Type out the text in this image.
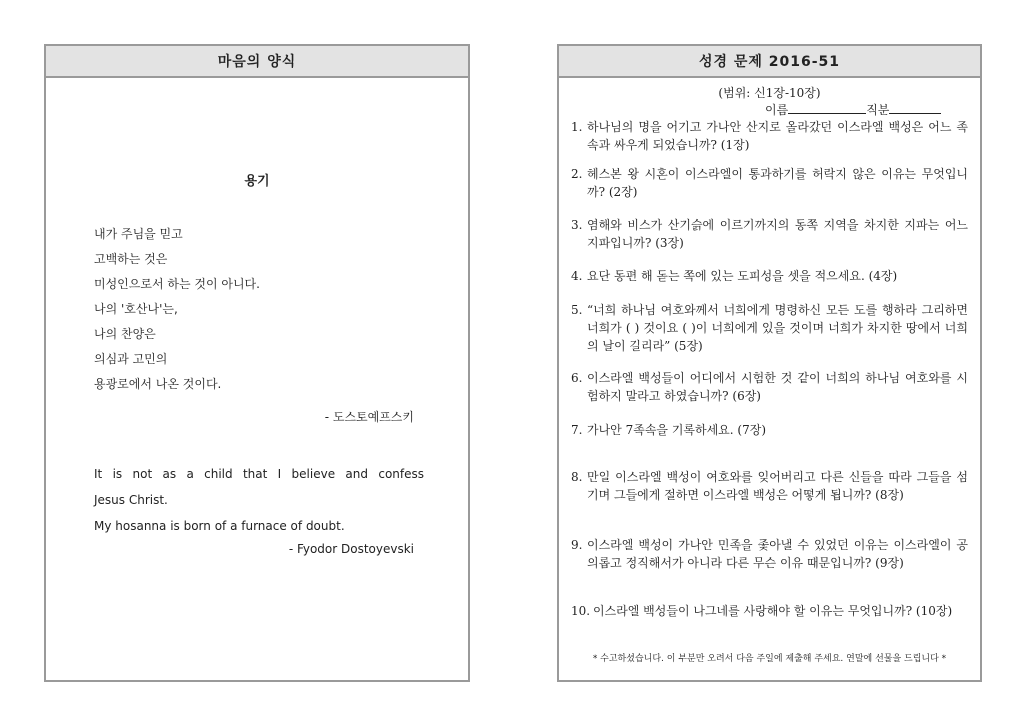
마음의 양식
용기
내가 주님을 믿고
고백하는 것은
미성인으로서 하는 것이 아니다.
나의 '호산나'는,
나의 찬양은
의심과 고민의
용광로에서 나온 것이다.
- 도스토예프스키
It is not as a child that I believe and confess
Jesus Christ.
My hosanna is born of a furnace of doubt.
- Fyodor Dostoyevski
성경 문제 2016-51
(범위: 신1장-10장)
이름	직분
1. 하나님의 명을 어기고 가나안 산지로 올라갔던 이스라엘 백성은 어느 족속과 싸우게 되었습니까? (1장)
2. 헤스본 왕 시혼이 이스라엘이 통과하기를 허락지 않은 이유는 무엇입니까? (2장)
3. 염해와 비스가 산기슭에 이르기까지의 동쪽 지역을 차지한 지파는 어느 지파입니까? (3장)
4. 요단 동편 해 돋는 쪽에 있는 도피성을 셋을 적으세요. (4장)
5. “너희 하나님 여호와께서 너희에게 명령하신 모든 도를 행하라 그리하면 너희가 ( ) 것이요 ( )이 너희에게 있을 것이며 너희가 차지한 땅에서 너희의 날이 길리라” (5장)
6. 이스라엘 백성들이 어디에서 시험한 것 같이 너희의 하나님 여호와를 시험하지 말라고 하였습니까? (6장)
7. 가나안 7족속을 기록하세요. (7장)
8. 만일 이스라엘 백성이 여호와를 잊어버리고 다른 신들을 따라 그들을 섬기며 그들에게 절하면 이스라엘 백성은 어떻게 됩니까? (8장)
9. 이스라엘 백성이 가나안 민족을 좇아낼 수 있었던 이유는 이스라엘이 공의롭고 정직해서가 아니라 다른 무슨 이유 때문입니까? (9장)
10. 이스라엘 백성들이 나그네를 사랑해야 할 이유는 무엇입니까? (10장)
* 수고하셨습니다. 이 부분만 오려서 다음 주일에 제출해 주세요. 연말에 선물을 드립니다 *
